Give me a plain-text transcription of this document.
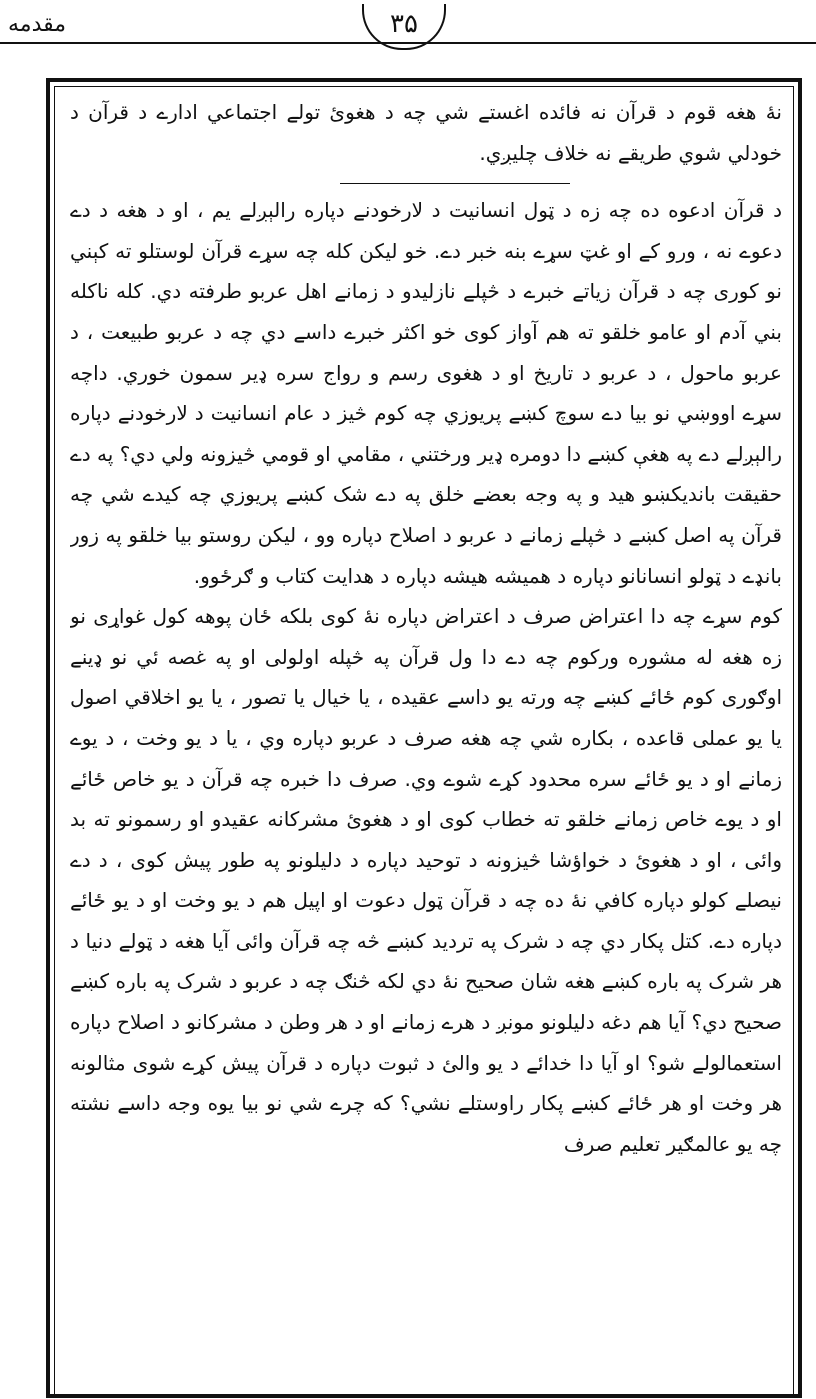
مقدمه	۳۵

نۀ هغه قوم د قرآن نه فائده اغستے شي چه د هغوئ تولے اجتماعي ادارے د قرآن د خودلي شوي طريقے نه خلاف چليږي.

د قرآن ادعوه ده چه زه د ټول انسانيت د لارخودنے دپاره رالېږلے يم ، او د هغه د دے دعوے نه ، ورو کے او غټ سړے بنه خبر دے. خو ليکن کله چه سړے قرآن لوستلو ته کېني نو کورى چه د قرآن زياتے خبرے د څپلے نازليدو د زمانے اهل عربو طرفته دي. کله ناکله بني آدم او عامو خلقو ته هم آواز کوی خو اکثر خبرے داسے دي چه د عربو طبيعت ، د عربو ماحول ، د عربو د تاريخ او د هغوی رسم و رواج سره ډير سمون خوري. داچه سړے اووښي نو بيا دے سوچ کښے پريوزي چه کوم څيز د عام انسانيت د لارخودنے دپاره رالېږلے دے په هغې کښے دا دومره ډير ورختني ، مقامي او قومي څيزونه ولي دي؟ په دے حقيقت بانديکښو هيد و په وجه بعضے خلق په دے شک کښے پريوزي چه کيدے شي چه قرآن په اصل کښے د څپلے زمانے د عربو د اصلاح دپاره وو ، ليکن روستو بيا خلقو په زور بانډے د ټولو انسانانو دپاره د هميشه هيشه دپاره د هدايت کتاب و ګرځوو.

کوم سړے چه دا اعتراض صرف د اعتراض دپاره نۀ کوی بلکه ځان پوهه کول غواړی نو زه هغه له مشوره ورکوم چه دے دا ول قرآن په څپله اولولی او په غصه ئي نو ډينے اوګوری کوم ځائے کښے چه ورته يو داسے عقيده ، يا خيال يا تصور ، يا يو اخلاقي اصول يا يو عملی قاعده ، بکاره شي چه هغه صرف د عربو دپاره وي ، يا د يو وخت ، د يوے زمانے او د يو ځائے سره محدود کړے شوے وي. صرف دا خبره چه قرآن د يو خاص ځائے او د يوے خاص زمانے خلقو ته خطاب کوی او د هغوئ مشرکانه عقيدو او رسمونو ته بد وائی ، او د هغوئ د خواؤشا څيزونه د توحيد دپاره د دليلونو په طور پيش کوی ، د دے نيصلے کولو دپاره کافي نۀ ده چه د قرآن ټول دعوت او اپيل هم د يو وخت او د يو ځائے دپاره دے. کتل پکار دي چه د شرک په ترديد کښے څه چه قرآن وائی آيا هغه د ټولے دنيا د هر شرک په باره کښے هغه شان صحيح نۀ دي لکه څنګ چه د عربو د شرک په باره کښے صحيح دي؟ آيا هم دغه دليلونو مونږ د هرے زمانے او د هر وطن د مشرکانو د اصلاح دپاره استعمالولے شو؟ او آيا دا خدائے د يو والئ د ثبوت دپاره د قرآن پيش کړے شوی مثالونه هر وخت او هر ځائے کښے پکار راوستلے نشي؟ که چرے شي نو بيا يوه وجه داسے نشته چه يو عالمګير تعليم صرف
